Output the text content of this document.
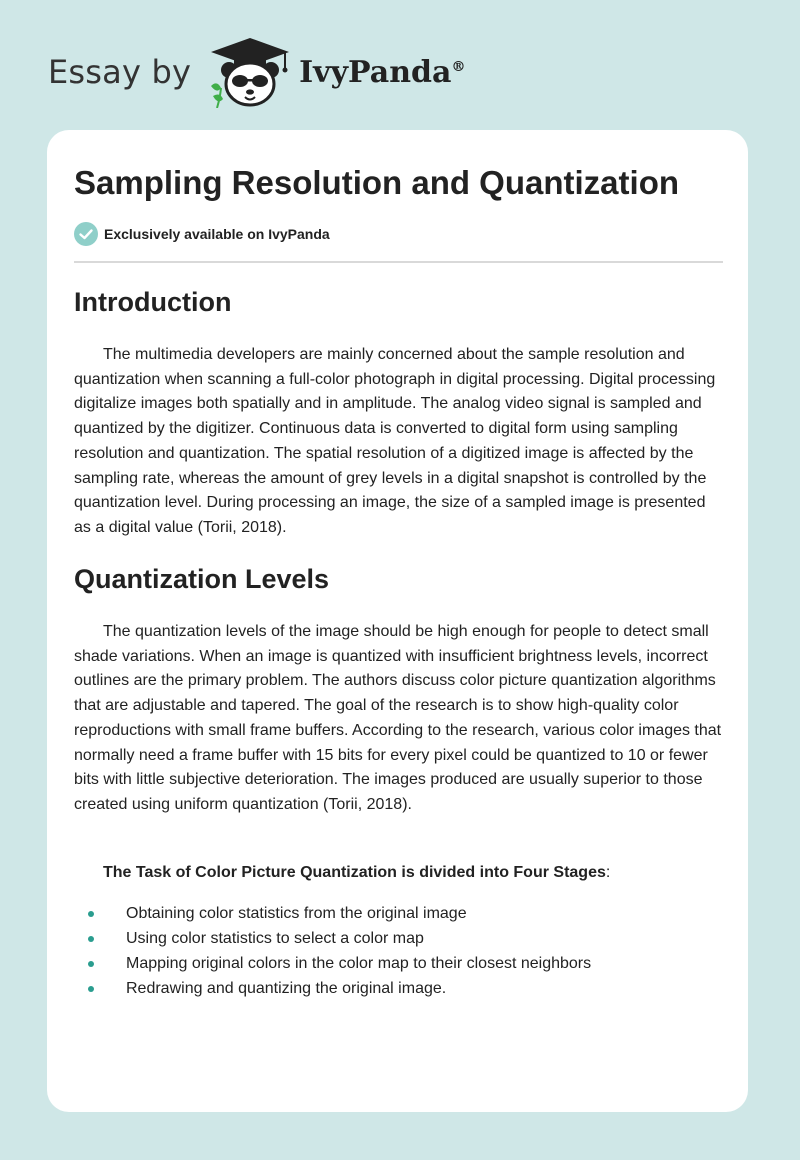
Essay by	IvyPanda®
Sampling Resolution and Quantization
Exclusively available on IvyPanda
Introduction

The multimedia developers are mainly concerned about the sample resolution and quantization when scanning a full-color photograph in digital processing. Digital processing digitalize images both spatially and in amplitude. The analog video signal is sampled and quantized by the digitizer. Continuous data is converted to digital form using sampling resolution and quantization. The spatial resolution of a digitized image is affected by the sampling rate, whereas the amount of grey levels in a digital snapshot is controlled by the quantization level. During processing an image, the size of a sampled image is presented as a digital value (Torii, 2018).

Quantization Levels

The quantization levels of the image should be high enough for people to detect small shade variations. When an image is quantized with insufficient brightness levels, incorrect outlines are the primary problem. The authors discuss color picture quantization algorithms that are adjustable and tapered. The goal of the research is to show high-quality color reproductions with small frame buffers. According to the research, various color images that normally need a frame buffer with 15 bits for every pixel could be quantized to 10 or fewer bits with little subjective deterioration. The images produced are usually superior to those created using uniform quantization (Torii, 2018).

The Task of Color Picture Quantization is divided into Four Stages:
Obtaining color statistics from the original image
Using color statistics to select a color map
Mapping original colors in the color map to their closest neighbors
Redrawing and quantizing the original image.
